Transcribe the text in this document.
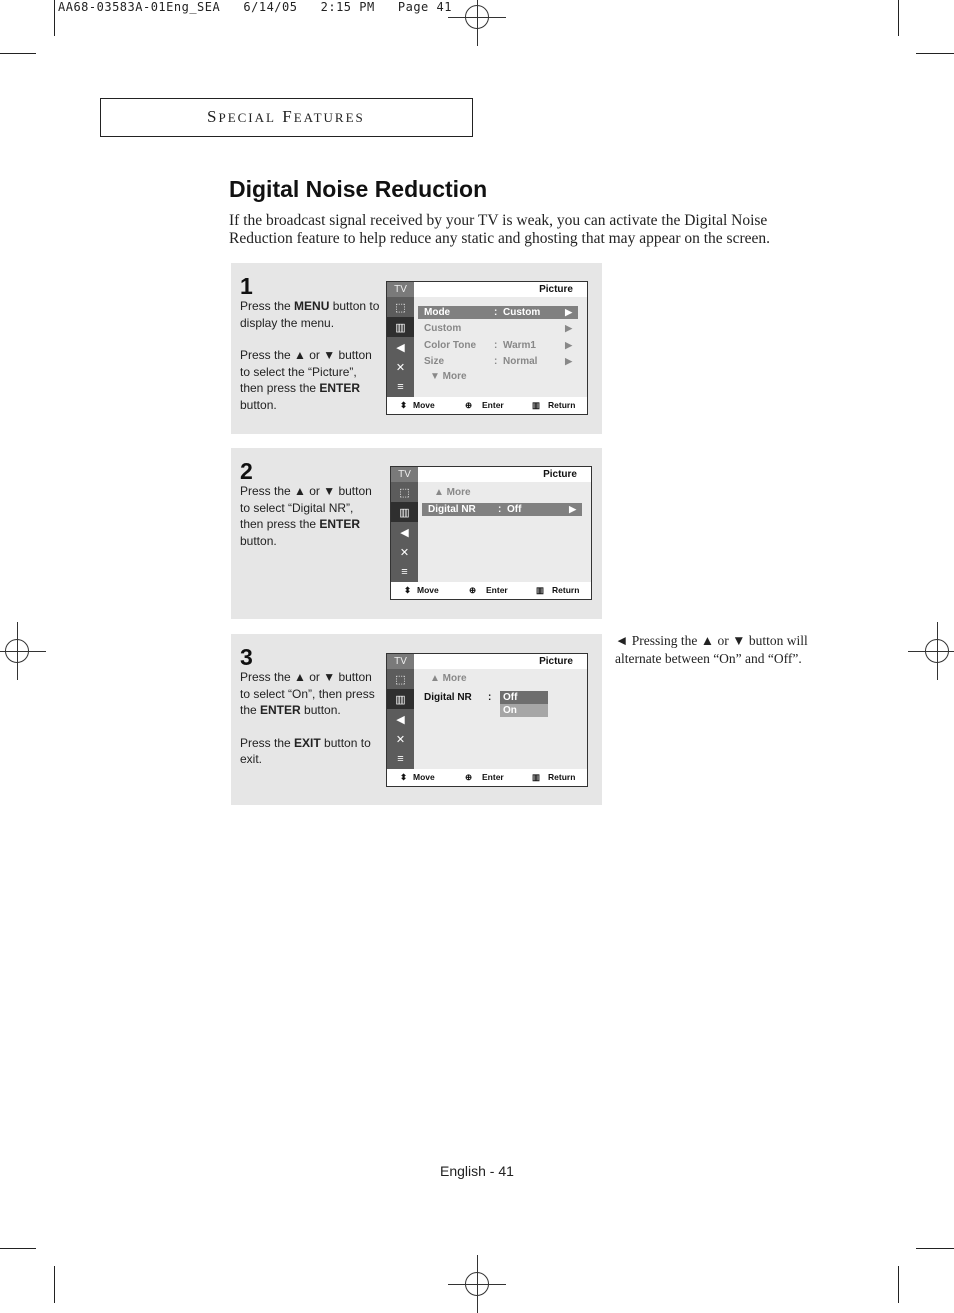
AA68-03583A-01Eng_SEA   6/14/05   2:15 PM   Page 41
SPECIAL FEATURES
Digital Noise Reduction
If the broadcast signal received by your TV is weak, you can activate the Digital Noise Reduction feature to help reduce any static and ghosting that may appear on the screen.
1

Press the MENU button to display the menu.

Press the ▲ or ▼ button to select the “Picture”, then press the ENTER button.

TV	Picture
⬚
▥
◀
✕
≡
Mode	: Custom	▶
Custom	▶
Color Tone : Warm1	▶
Size	: Normal	▶
▼ More
⬍ Move	⊕ Enter	▥ Return
2

Press the ▲ or ▼ button to select “Digital NR”, then press the ENTER button.

TV	Picture
⬚
▥
◀
✕
≡
▲ More
Digital NR : Off	▶
⬍ Move	⊕ Enter	▥ Return
3

Press the ▲ or ▼ button to select “On”, then press the ENTER button.

Press the EXIT button to exit.

TV	Picture
⬚
▥
◀
✕
≡
▲ More
Digital NR :	Off
On
⬍ Move	⊕ Enter	▥ Return
◄ Pressing the ▲ or ▼ button will alternate between “On” and “Off”.
English - 41
